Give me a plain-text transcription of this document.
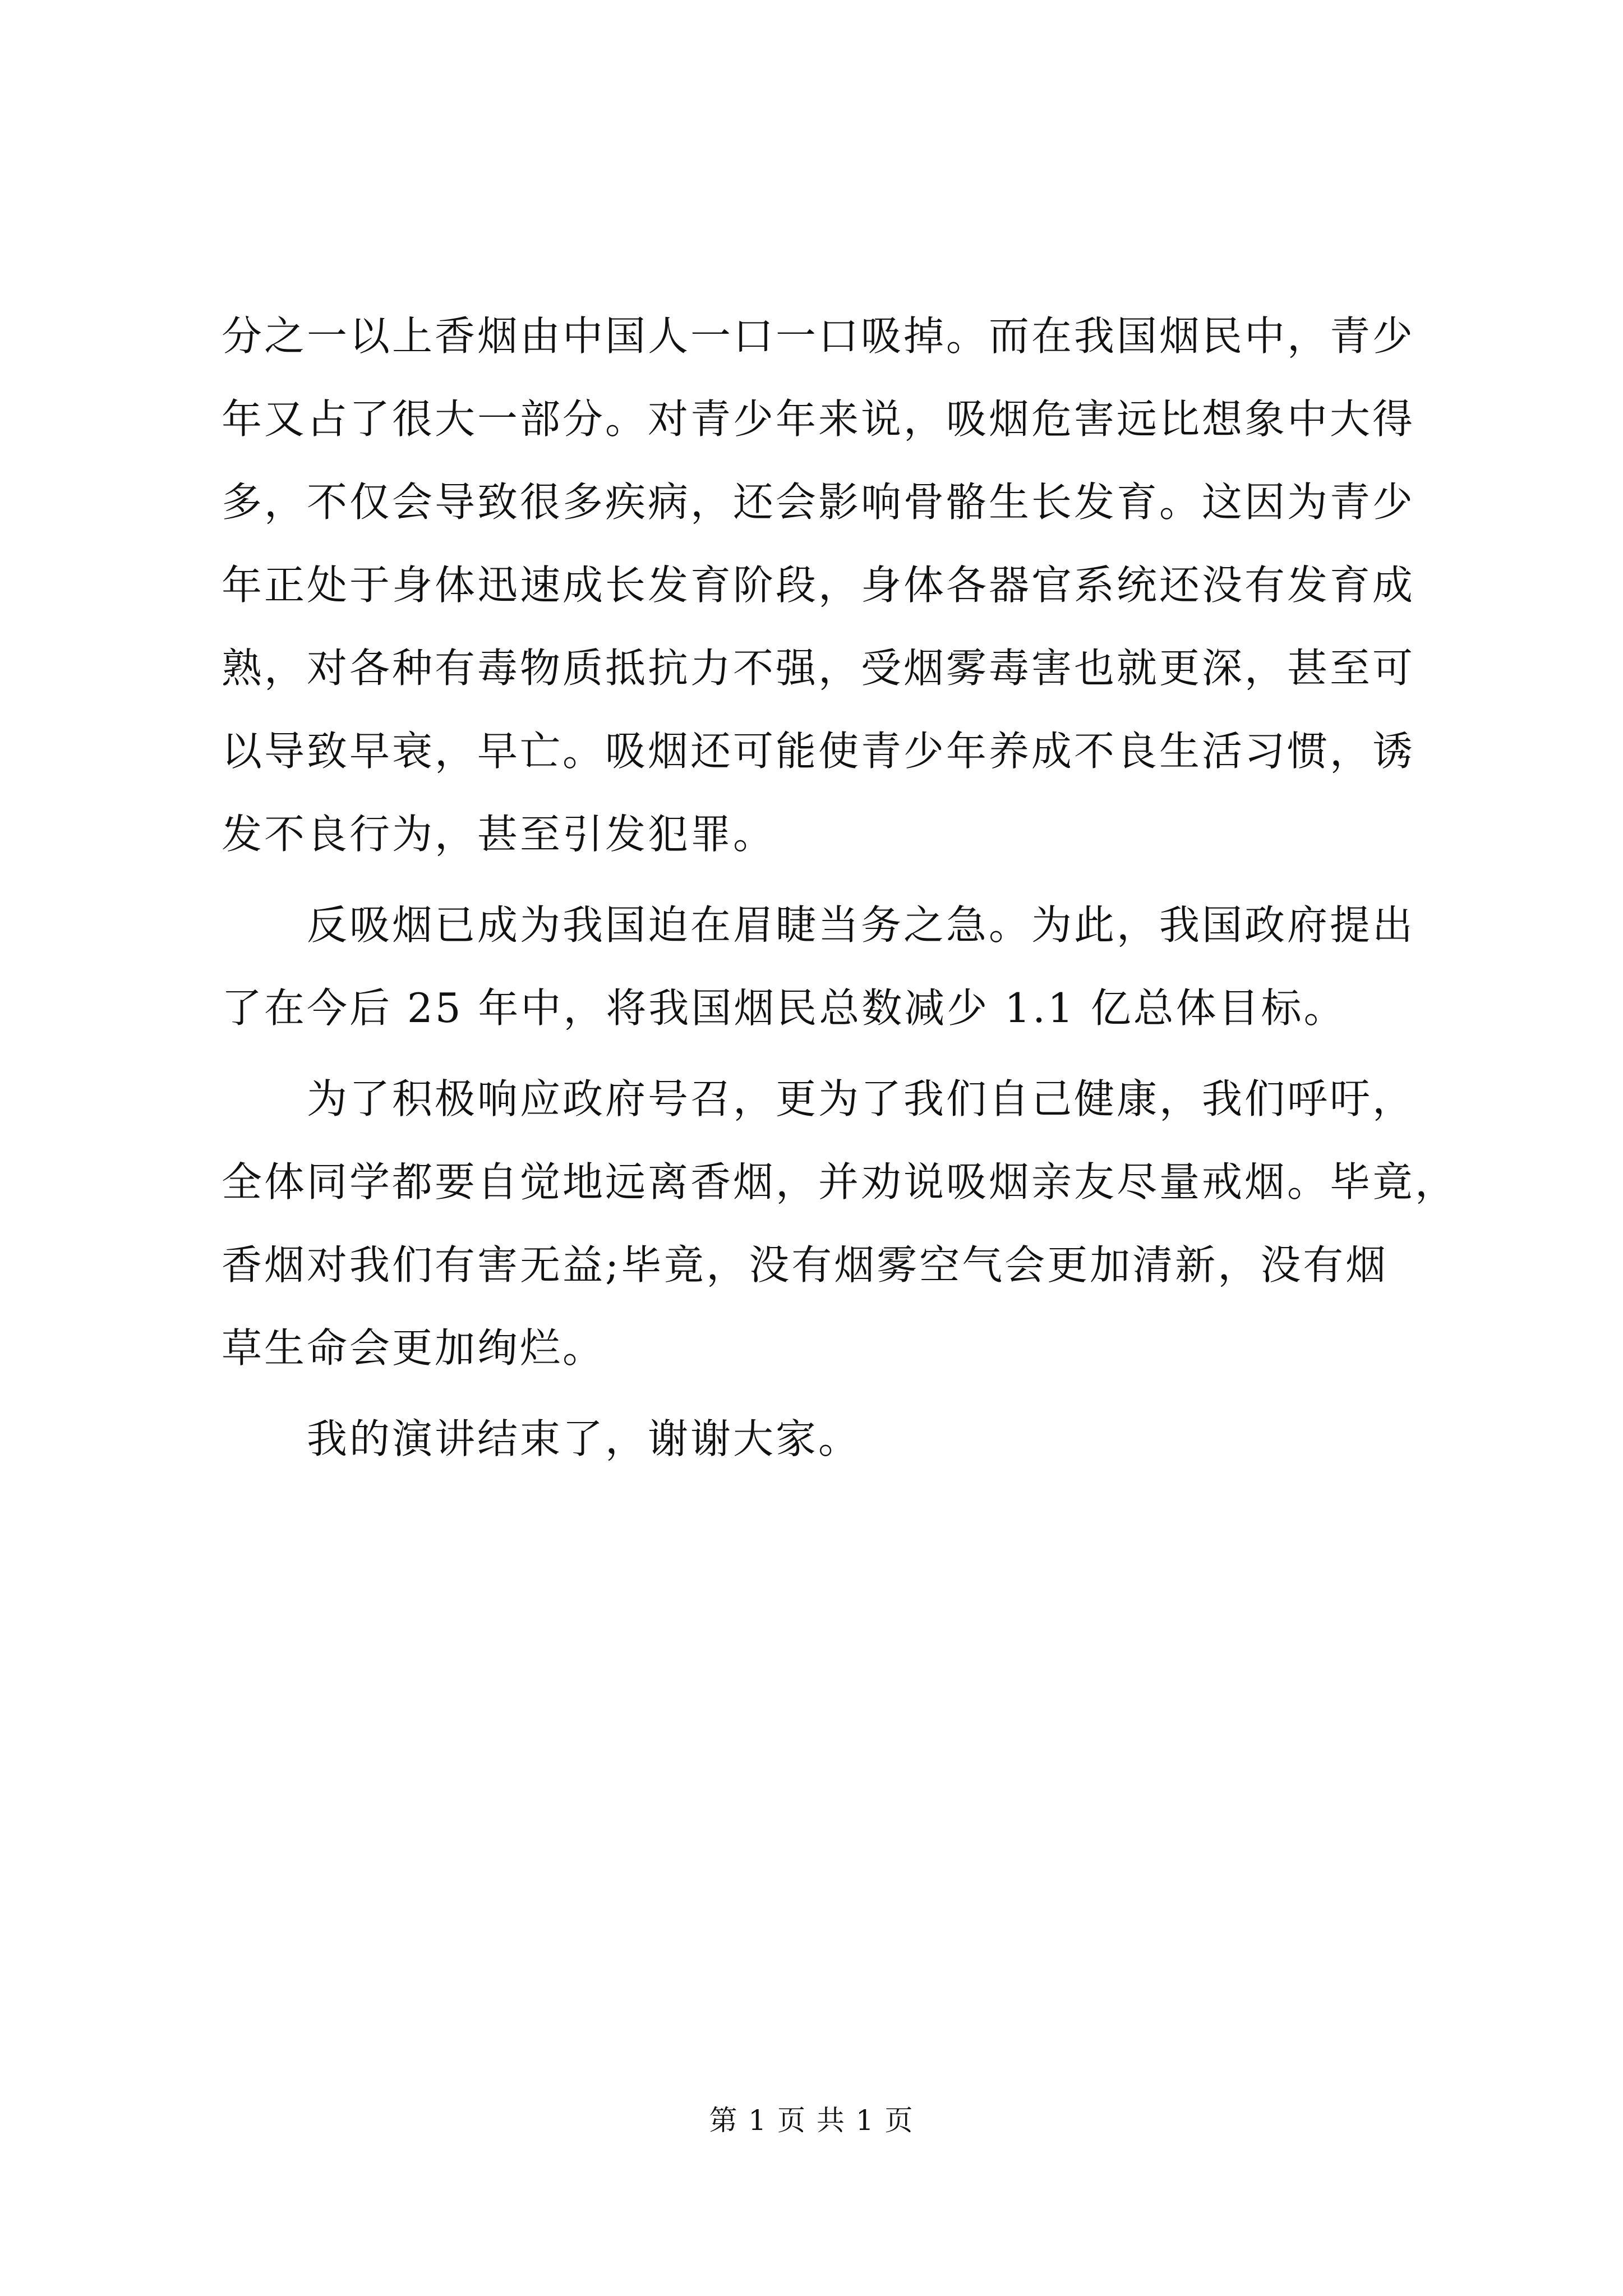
分之一以上香烟由中国人一口一口吸掉。而在我国烟民中，青少
年又占了很大一部分。对青少年来说，吸烟危害远比想象中大得
多，不仅会导致很多疾病，还会影响骨骼生长发育。这因为青少
年正处于身体迅速成长发育阶段，身体各器官系统还没有发育成
熟，对各种有毒物质抵抗力不强，受烟雾毒害也就更深，甚至可
以导致早衰，早亡。吸烟还可能使青少年养成不良生活习惯，诱
发不良行为，甚至引发犯罪。
反吸烟已成为我国迫在眉睫当务之急。为此，我国政府提出
了在今后 25 年中，将我国烟民总数减少 1.1 亿总体目标。
为了积极响应政府号召，更为了我们自己健康，我们呼吁，
全体同学都要自觉地远离香烟，并劝说吸烟亲友尽量戒烟。毕竟，
香烟对我们有害无益;毕竟，没有烟雾空气会更加清新，没有烟
草生命会更加绚烂。
我的演讲结束了，谢谢大家。
第 1 页 共 1 页
